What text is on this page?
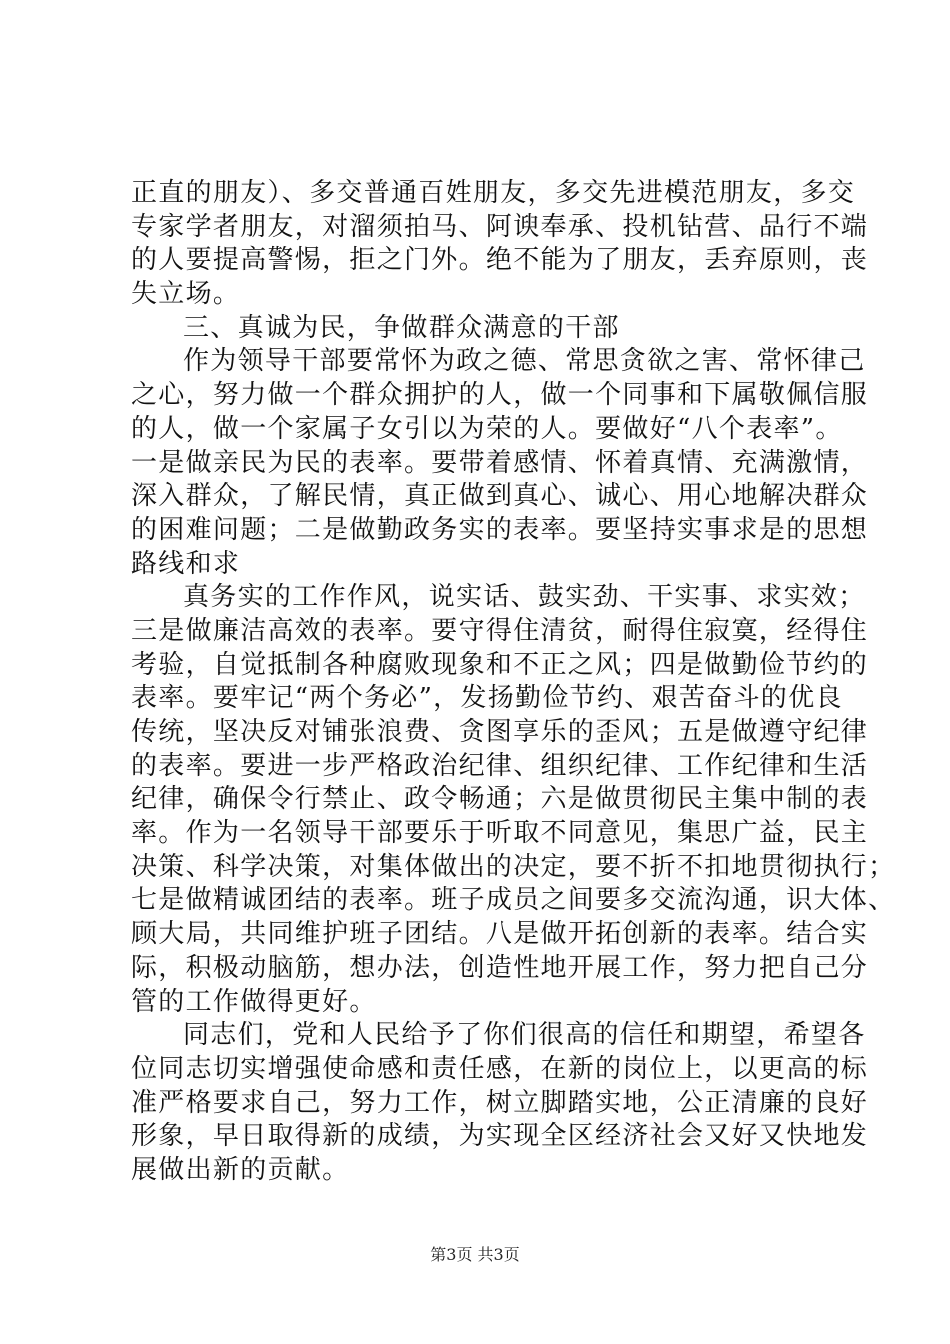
正直的朋友）、多交普通百姓朋友，多交先进模范朋友，多交
专家学者朋友，对溜须拍马、阿谀奉承、投机钻营、品行不端
的人要提高警惕，拒之门外。绝不能为了朋友，丢弃原则，丧
失立场。
三、真诚为民，争做群众满意的干部
作为领导干部要常怀为政之德、常思贪欲之害、常怀律己
之心，努力做一个群众拥护的人，做一个同事和下属敬佩信服
的人，做一个家属子女引以为荣的人。要做好“八个表率”。
一是做亲民为民的表率。要带着感情、怀着真情、充满激情，
深入群众，了解民情，真正做到真心、诚心、用心地解决群众
的困难问题；二是做勤政务实的表率。要坚持实事求是的思想
路线和求
真务实的工作作风，说实话、鼓实劲、干实事、求实效；
三是做廉洁高效的表率。要守得住清贫，耐得住寂寞，经得住
考验，自觉抵制各种腐败现象和不正之风；四是做勤俭节约的
表率。要牢记“两个务必”，发扬勤俭节约、艰苦奋斗的优良
传统，坚决反对铺张浪费、贪图享乐的歪风；五是做遵守纪律
的表率。要进一步严格政治纪律、组织纪律、工作纪律和生活
纪律，确保令行禁止、政令畅通；六是做贯彻民主集中制的表
率。作为一名领导干部要乐于听取不同意见，集思广益，民主
决策、科学决策，对集体做出的决定，要不折不扣地贯彻执行；
七是做精诚团结的表率。班子成员之间要多交流沟通，识大体、
顾大局，共同维护班子团结。八是做开拓创新的表率。结合实
际，积极动脑筋，想办法，创造性地开展工作，努力把自己分
管的工作做得更好。
同志们，党和人民给予了你们很高的信任和期望，希望各
位同志切实增强使命感和责任感，在新的岗位上，以更高的标
准严格要求自己，努力工作，树立脚踏实地，公正清廉的良好
形象，早日取得新的成绩，为实现全区经济社会又好又快地发
展做出新的贡献。
第3页 共3页
